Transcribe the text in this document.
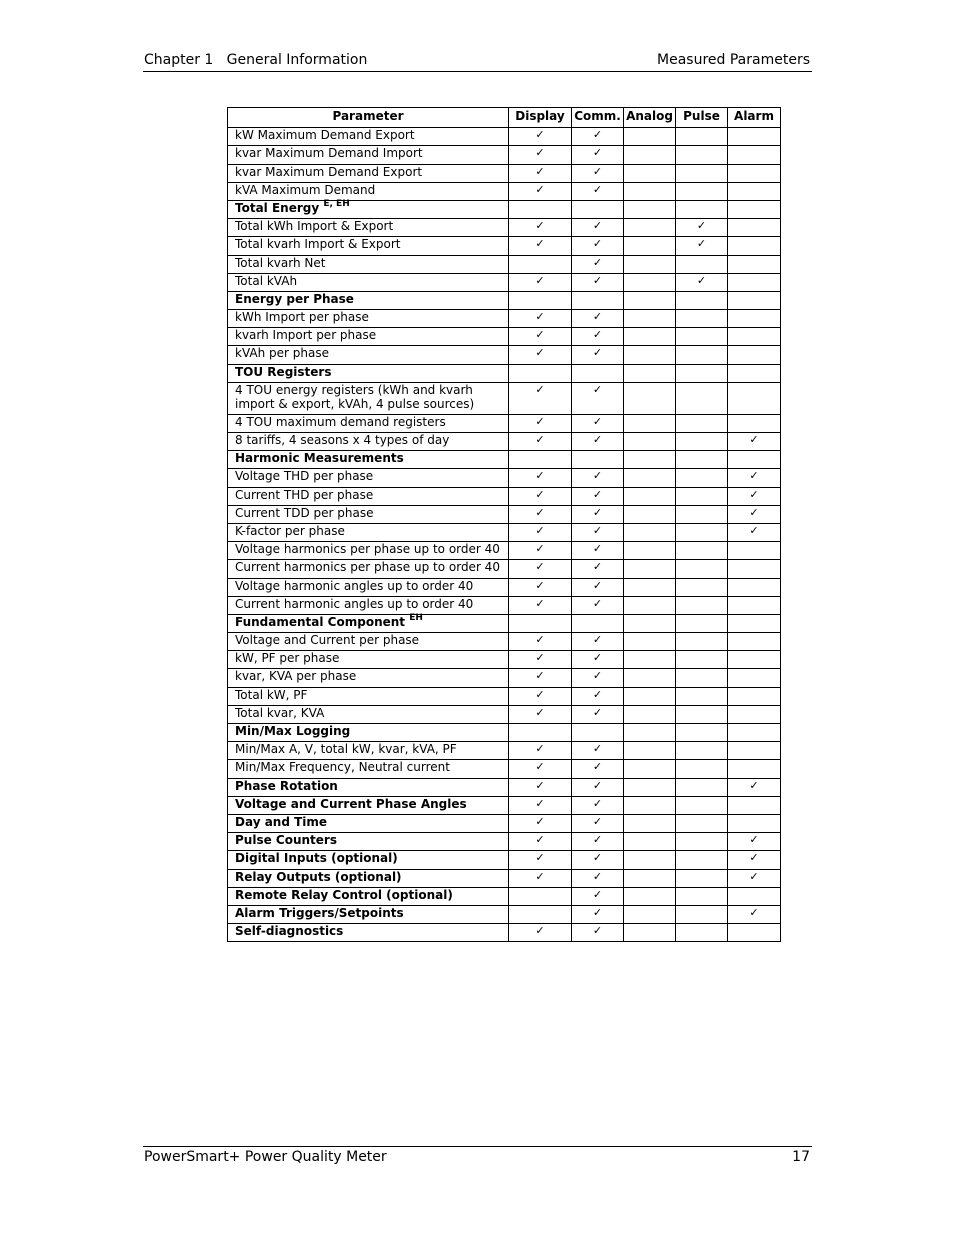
Chapter 1   General Information	Measured Parameters
Parameter	Display	Comm.	Analog	Pulse	Alarm
kW Maximum Demand Export	✓	✓			
kvar Maximum Demand Import	✓	✓			
kvar Maximum Demand Export	✓	✓			
kVA Maximum Demand	✓	✓			
Total Energy $^{E, EH}$					
Total kWh Import & Export	✓	✓		✓	
Total kvarh Import & Export	✓	✓		✓	
Total kvarh Net		✓			
Total kVAh	✓	✓		✓	
Energy per Phase					
kWh Import per phase	✓	✓			
kvarh Import per phase	✓	✓			
kVAh per phase	✓	✓			
TOU Registers					
4 TOU energy registers (kWh and kvarh import & export, kVAh, 4 pulse sources)	✓	✓			
4 TOU maximum demand registers	✓	✓			
8 tariffs, 4 seasons x 4 types of day	✓	✓			✓
Harmonic Measurements					
Voltage THD per phase	✓	✓			✓
Current THD per phase	✓	✓			✓
Current TDD per phase	✓	✓			✓
K-factor per phase	✓	✓			✓
Voltage harmonics per phase up to order 40	✓	✓			
Current harmonics per phase up to order 40	✓	✓			
Voltage harmonic angles up to order 40	✓	✓			
Current harmonic angles up to order 40	✓	✓			
Fundamental Component $^{EH}$					
Voltage and Current per phase	✓	✓			
kW, PF per phase	✓	✓			
kvar, KVA per phase	✓	✓			
Total kW, PF	✓	✓			
Total kvar, KVA	✓	✓			
Min/Max Logging					
Min/Max A, V, total kW, kvar, kVA, PF	✓	✓			
Min/Max Frequency, Neutral current	✓	✓			
Phase Rotation	✓	✓			✓
Voltage and Current Phase Angles	✓	✓			
Day and Time	✓	✓			
Pulse Counters	✓	✓			✓
Digital Inputs (optional)	✓	✓			✓
Relay Outputs (optional)	✓	✓			✓
Remote Relay Control (optional)		✓			
Alarm Triggers/Setpoints		✓			✓
Self-diagnostics	✓	✓			
PowerSmart+ Power Quality Meter	17
